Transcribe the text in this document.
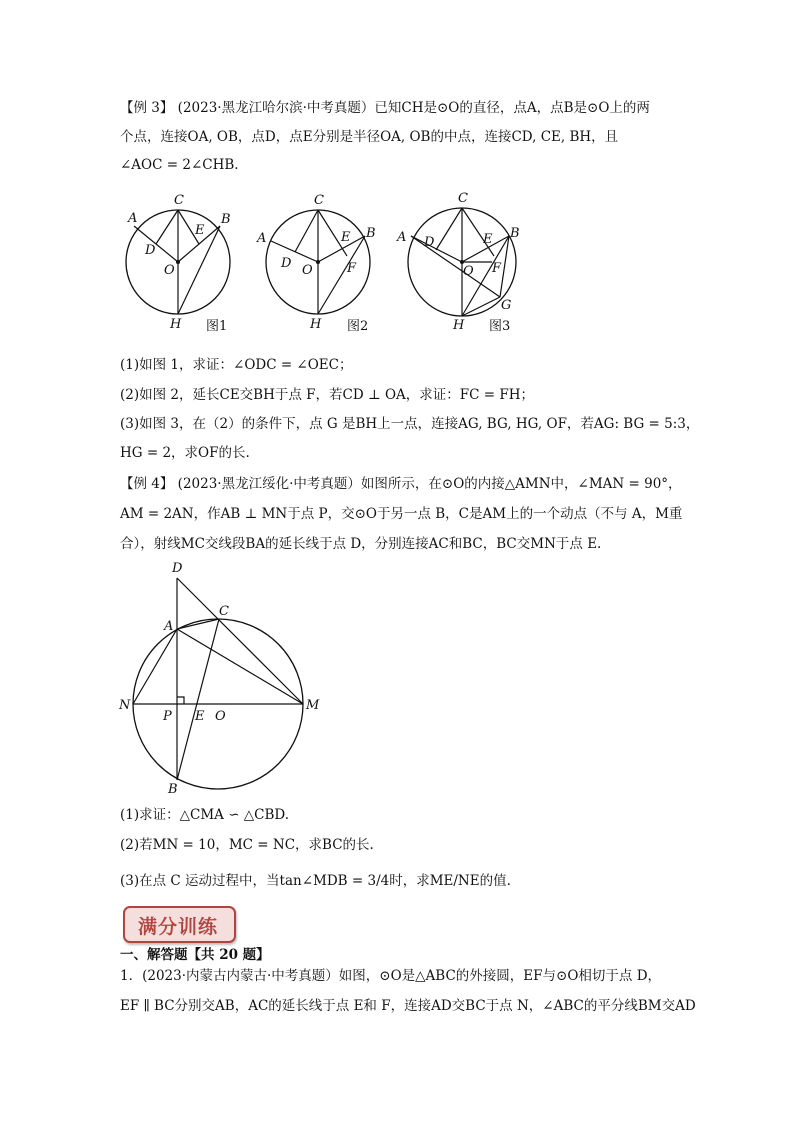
【例 3】 (2023·黑龙江哈尔滨·中考真题）已知CH是⊙O的直径，点A，点B是⊙O上的两
个点，连接OA, OB，点D，点E分别是半径OA, OB的中点，连接CD, CE, BH，且
∠AOC = 2∠CHB.
C
A	B
D
E
O
H 图1
C
A	B
D
E
F
O
H 图2
C
A	B
D	E
F
G
O
H 图3
(1)如图 1，求证：∠ODC = ∠OEC；
(2)如图 2，延长CE交BH于点 F，若CD ⊥ OA，求证：FC = FH；
(3)如图 3，在（2）的条件下，点 G 是BH上一点，连接AG, BG, HG, OF，若AG: BG = 5:3，
HG = 2，求OF的长.
【例 4】 (2023·黑龙江绥化·中考真题）如图所示，在⊙O的内接△AMN中，∠MAN = 90°，
AM = 2AN，作AB ⊥ MN于点 P，交⊙O于另一点 B，C是AM上的一个动点（不与 A，M重
合），射线MC交线段BA的延长线于点 D，分别连接AC和BC，BC交MN于点 E.
D
C
A
N
P E O
M
B
(1)求证：△CMA ∽ △CBD.
(2)若MN = 10，MC = NC，求BC的长.
(3)在点 C 运动过程中，当tan∠MDB = 3/4时，求ME/NE的值.
满分训练
一、解答题【共 20 题】
1．(2023·内蒙古内蒙古·中考真题）如图，⊙O是△ABC的外接圆，EF与⊙O相切于点 D，
EF ∥ BC分别交AB，AC的延长线于点 E和 F，连接AD交BC于点 N，∠ABC的平分线BM交AD
